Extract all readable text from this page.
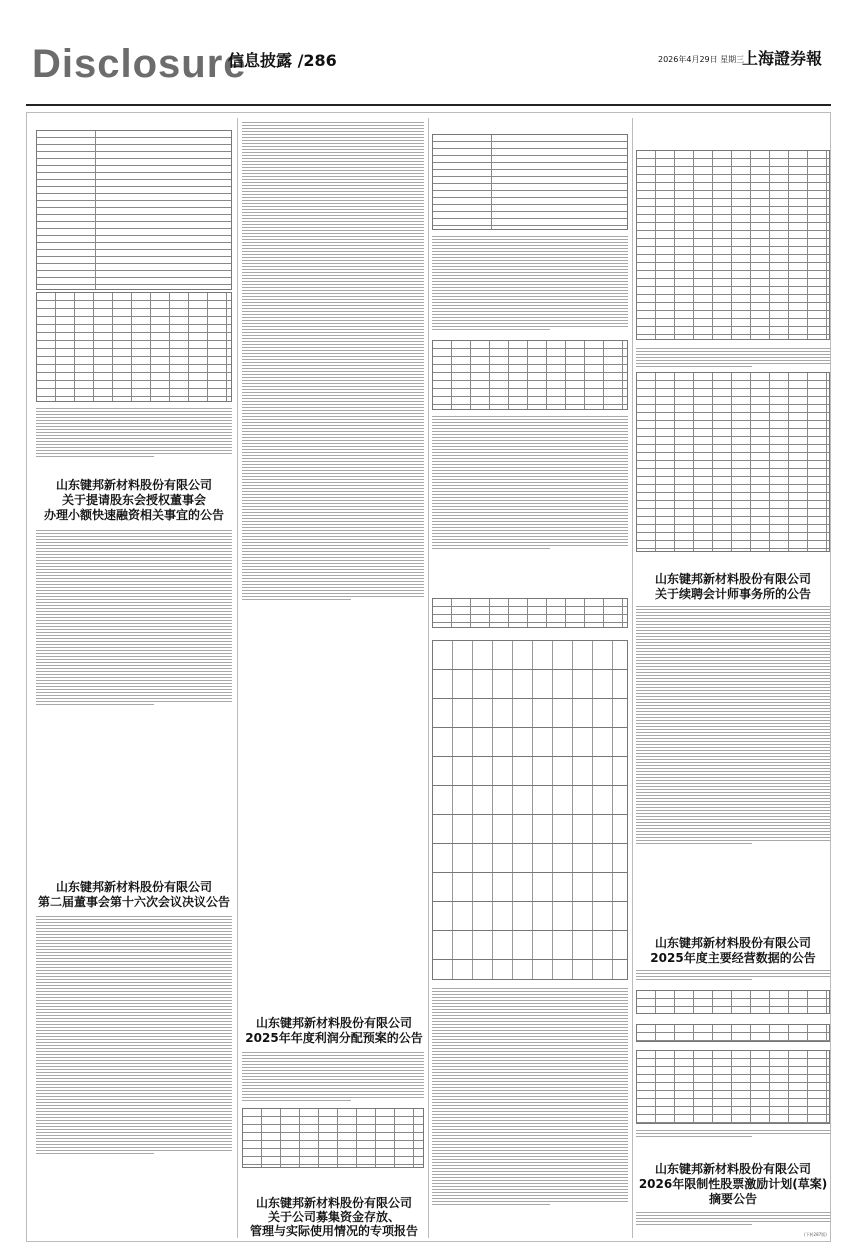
Disclosure
信息披露 /286	2026年4月29日 星期三
上海證券報
山东键邦新材料股份有限公司
关于提请股东会授权董事会
办理小额快速融资相关事宜的公告
山东键邦新材料股份有限公司
第二届董事会第十六次会议决议公告
山东键邦新材料股份有限公司
2025年年度利润分配预案的公告
山东键邦新材料股份有限公司
关于公司募集资金存放、
管理与实际使用情况的专项报告
山东键邦新材料股份有限公司
关于续聘会计师事务所的公告
山东键邦新材料股份有限公司
2025年度主要经营数据的公告
山东键邦新材料股份有限公司
2026年限制性股票激励计划(草案)
摘要公告
(下转287版)
